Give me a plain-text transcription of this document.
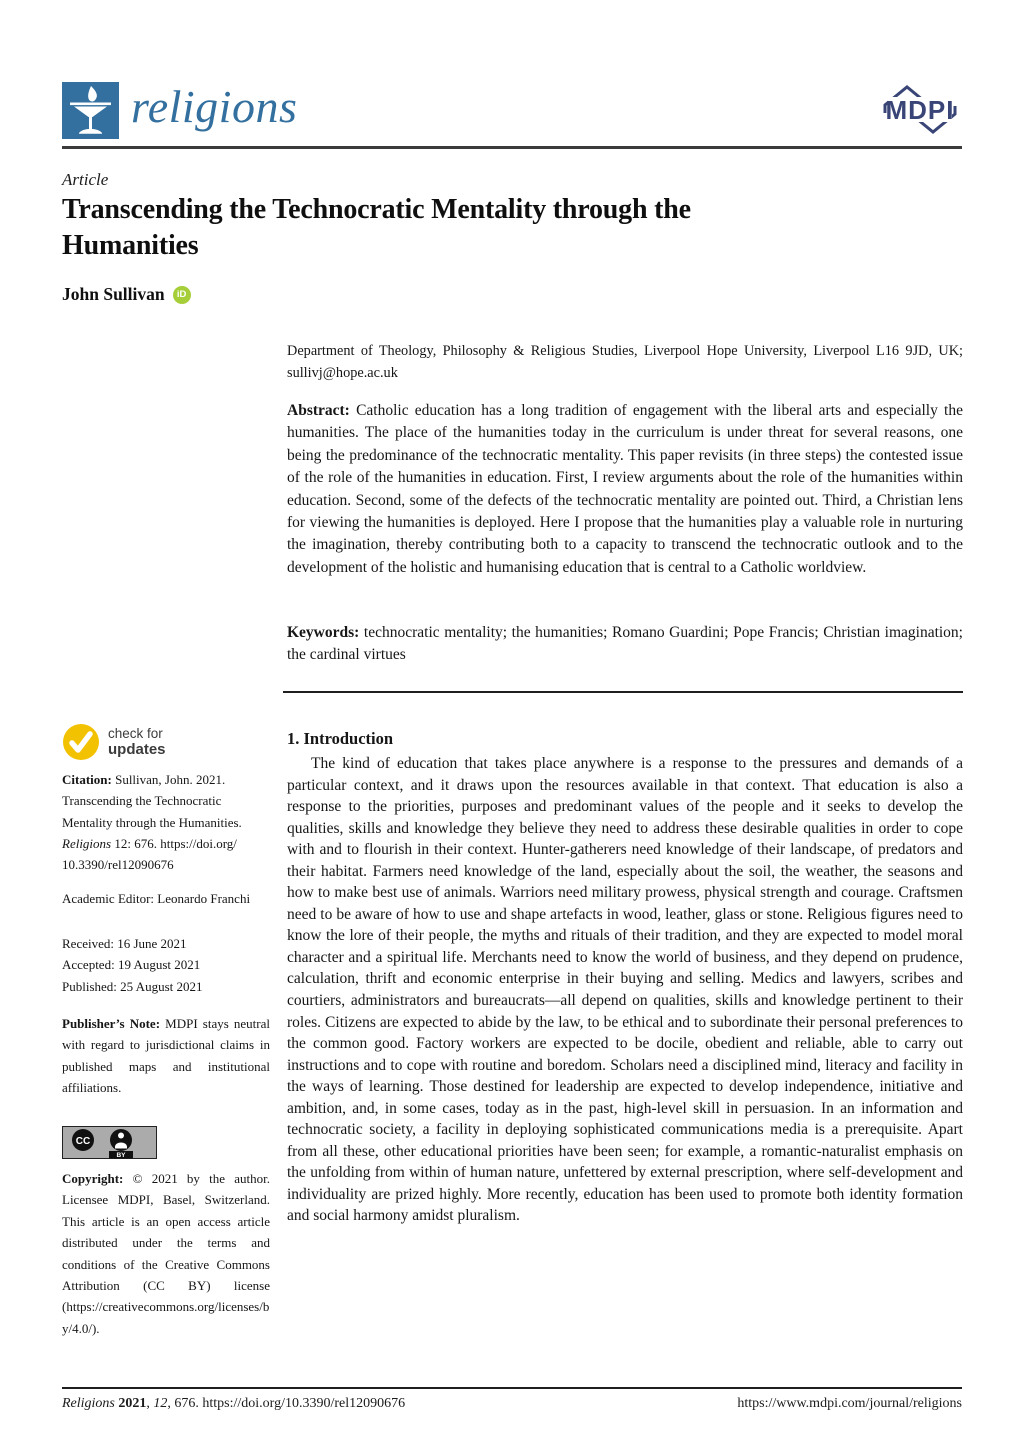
religions	MDPI
Article
Transcending the Technocratic Mentality through the Humanities
John Sullivan	iD
Department of Theology, Philosophy & Religious Studies, Liverpool Hope University, Liverpool L16 9JD, UK; sullivj@hope.ac.uk
Abstract: Catholic education has a long tradition of engagement with the liberal arts and especially the humanities. The place of the humanities today in the curriculum is under threat for several reasons, one being the predominance of the technocratic mentality. This paper revisits (in three steps) the contested issue of the role of the humanities in education. First, I review arguments about the role of the humanities within education. Second, some of the defects of the technocratic mentality are pointed out. Third, a Christian lens for viewing the humanities is deployed. Here I propose that the humanities play a valuable role in nurturing the imagination, thereby contributing both to a capacity to transcend the technocratic outlook and to the development of the holistic and humanising education that is central to a Catholic worldview.
Keywords: technocratic mentality; the humanities; Romano Guardini; Pope Francis; Christian imagination; the cardinal virtues
1. Introduction
The kind of education that takes place anywhere is a response to the pressures and demands of a particular context, and it draws upon the resources available in that context. That education is also a response to the priorities, purposes and predominant values of the people and it seeks to develop the qualities, skills and knowledge they believe they need to address these desirable qualities in order to cope with and to flourish in their context. Hunter-gatherers need knowledge of their landscape, of predators and their habitat. Farmers need knowledge of the land, especially about the soil, the weather, the seasons and how to make best use of animals. Warriors need military prowess, physical strength and courage. Craftsmen need to be aware of how to use and shape artefacts in wood, leather, glass or stone. Religious figures need to know the lore of their people, the myths and rituals of their tradition, and they are expected to model moral character and a spiritual life. Merchants need to know the world of business, and they depend on prudence, calculation, thrift and economic enterprise in their buying and selling. Medics and lawyers, scribes and courtiers, administrators and bureaucrats—all depend on qualities, skills and knowledge pertinent to their roles. Citizens are expected to abide by the law, to be ethical and to subordinate their personal preferences to the common good. Factory workers are expected to be docile, obedient and reliable, able to carry out instructions and to cope with routine and boredom. Scholars need a disciplined mind, literacy and facility in the ways of learning. Those destined for leadership are expected to develop independence, initiative and ambition, and, in some cases, today as in the past, high-level skill in persuasion. In an information and technocratic society, a facility in deploying sophisticated communications media is a prerequisite. Apart from all these, other educational priorities have been seen; for example, a romantic-naturalist emphasis on the unfolding from within of human nature, unfettered by external prescription, where self-development and individuality are prized highly. More recently, education has been used to promote both identity formation and social harmony amidst pluralism.
check for
updates
Citation: Sullivan, John. 2021.
Transcending the Technocratic
Mentality through the Humanities.
Religions 12: 676. https://doi.org/
10.3390/rel12090676
Academic Editor: Leonardo Franchi
Received: 16 June 2021
Accepted: 19 August 2021
Published: 25 August 2021
Publisher’s Note: MDPI stays neutral with regard to jurisdictional claims in published maps and institutional affiliations.
CC
BY
Copyright: © 2021 by the author. Licensee MDPI, Basel, Switzerland. This article is an open access article distributed under the terms and conditions of the Creative Commons Attribution (CC BY) license (https://creativecommons.org/licenses/by/4.0/).
Religions 2021, 12, 676. https://doi.org/10.3390/rel12090676	https://www.mdpi.com/journal/religions
